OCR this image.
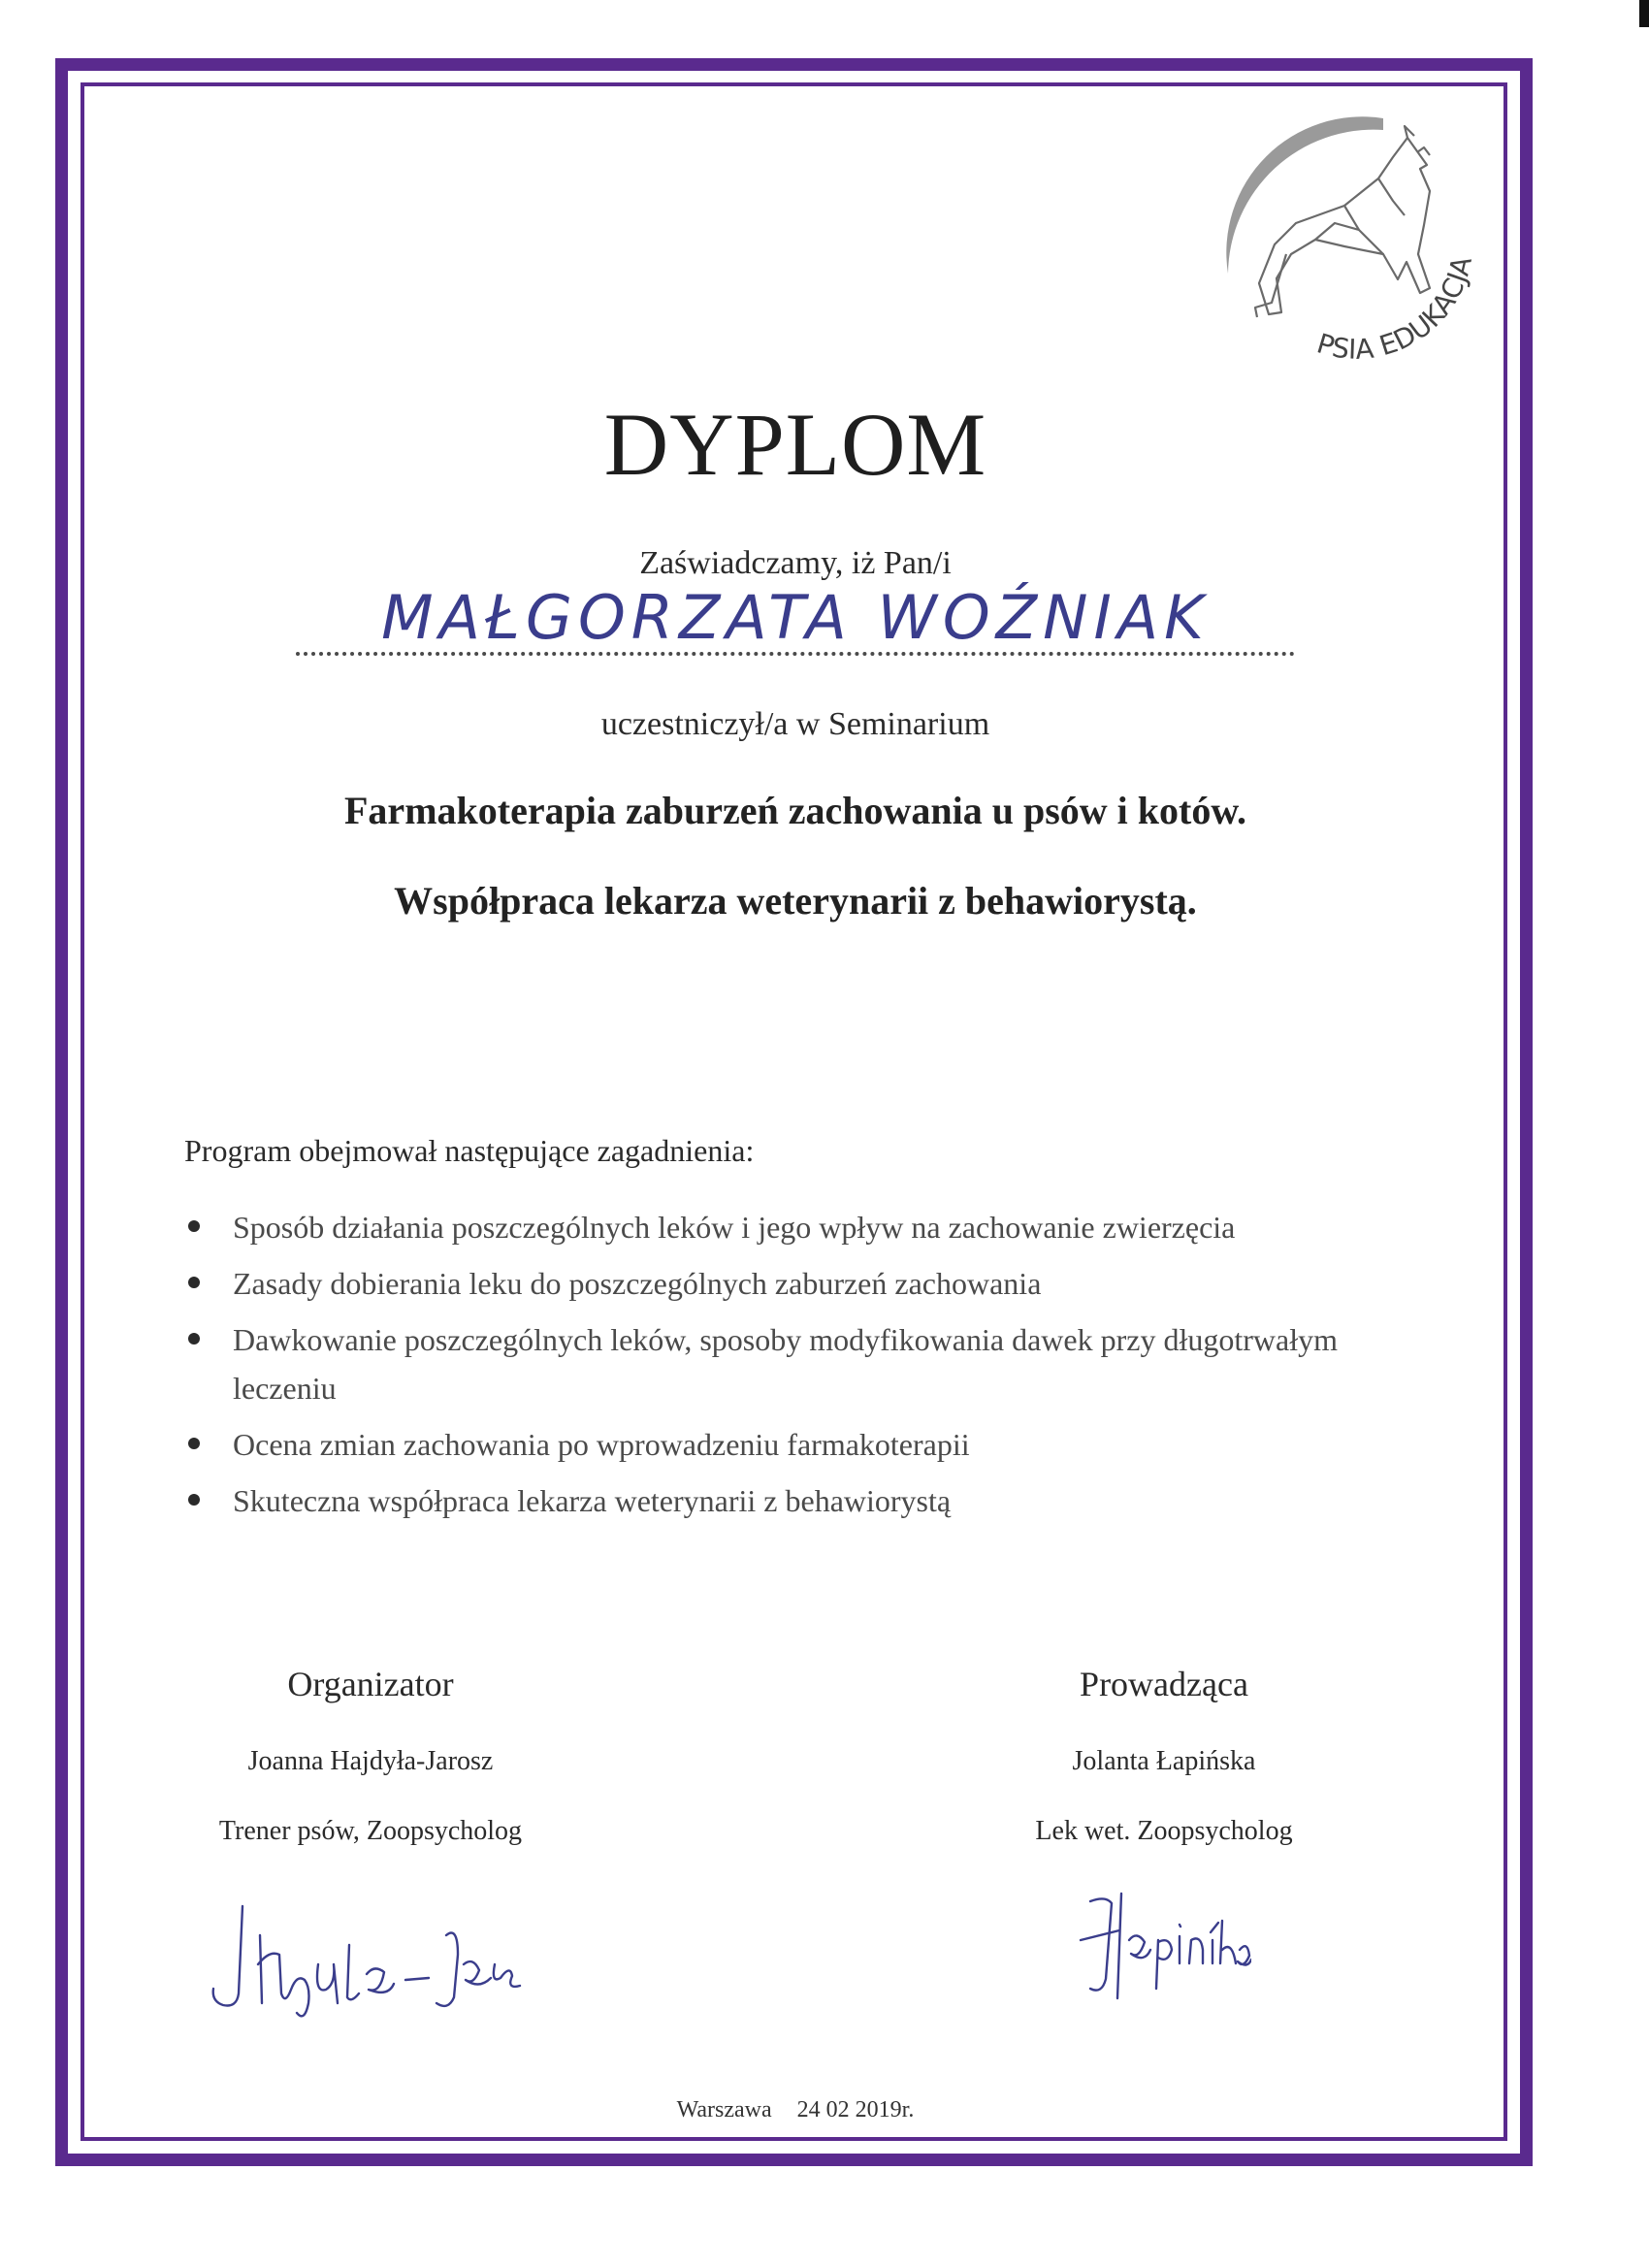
PSIA EDUKACJA
DYPLOM
Zaświadczamy, iż Pan/i
MAŁGORZATA WOŹNIAK
uczestniczył/a w Seminarium
Farmakoterapia zaburzeń zachowania u psów i kotów.
Współpraca lekarza weterynarii z behawiorystą.
Program obejmował następujące zagadnienia:
Sposób działania poszczególnych leków i jego wpływ na zachowanie zwierzęcia
Zasady dobierania leku do poszczególnych zaburzeń zachowania
Dawkowanie poszczególnych leków, sposoby modyfikowania dawek przy długotrwałym leczeniu
Ocena zmian zachowania po wprowadzeniu farmakoterapii
Skuteczna współpraca lekarza weterynarii z behawiorystą
Organizator
Joanna Hajdyła-Jarosz
Trener psów, Zoopsycholog
Prowadząca
Jolanta Łapińska
Lek wet. Zoopsycholog
Warszawa 24 02 2019r.
